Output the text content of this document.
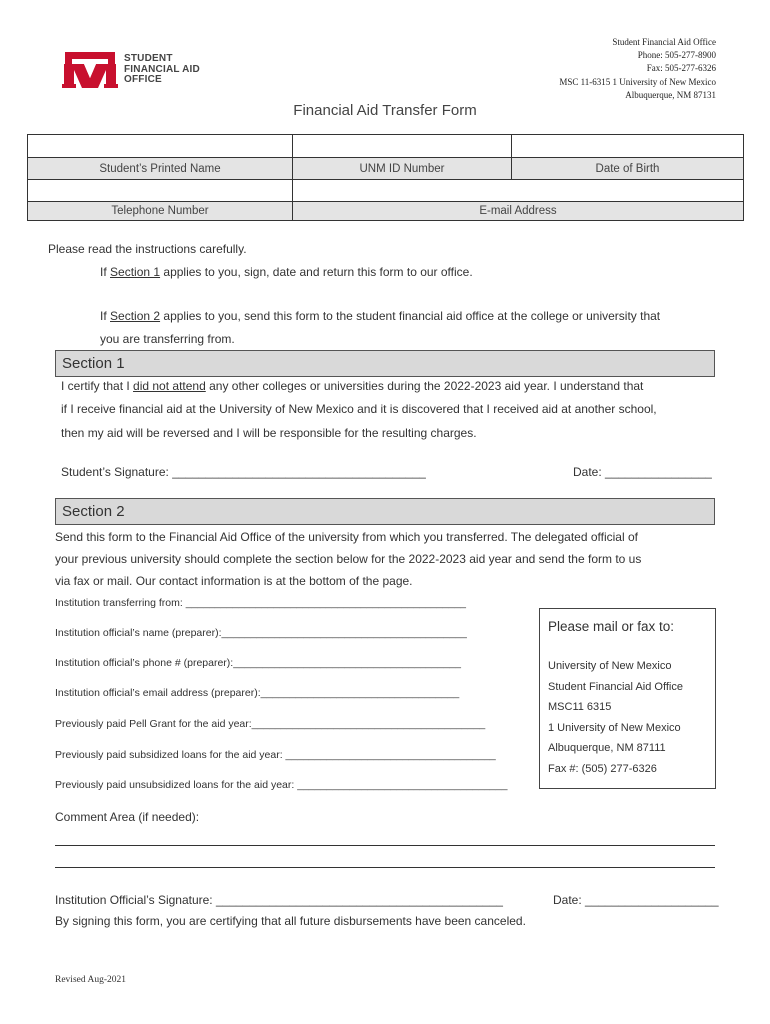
STUDENT
FINANCIAL AID
OFFICE
Student Financial Aid Office
Phone: 505-277-8900
Fax: 505-277-6326
MSC 11-6315 1 University of New Mexico
Albuquerque, NM 87131
Financial Aid Transfer Form
Student’s Printed Name	UNM ID Number	Date of Birth
Telephone Number	E-mail Address
Please read the instructions carefully.
If Section 1 applies to you, sign, date and return this form to our office.
If Section 2 applies to you, send this form to the student financial aid office at the college or university that
you are transferring from.
Section 1
I certify that I did not attend any other colleges or universities during the 2022-2023 aid year. I understand that
if I receive financial aid at the University of New Mexico and it is discovered that I received aid at another school,
then my aid will be reversed and I will be responsible for the resulting charges.
Student’s Signature: ______________________________________	Date: ________________
Section 2
Send this form to the Financial Aid Office of the university from which you transferred. The delegated official of
your previous university should complete the section below for the 2022-2023 aid year and send the form to us
via fax or mail. Our contact information is at the bottom of the page.
Institution transferring from: ________________________________________________
Institution official’s name (preparer):__________________________________________
Institution official’s phone # (preparer):_______________________________________
Institution official’s email address (preparer):__________________________________
Previously paid Pell Grant for the aid year:________________________________________
Previously paid subsidized loans for the aid year: ____________________________________
Previously paid unsubsidized loans for the aid year: ____________________________________
Please mail or fax to:
University of New Mexico
Student Financial Aid Office
MSC11 6315
1 University of New Mexico
Albuquerque, NM 87111
Fax #: (505) 277-6326
Comment Area (if needed):
Institution Official’s Signature: ___________________________________________	Date: ____________________
By signing this form, you are certifying that all future disbursements have been canceled.
Revised Aug-2021
